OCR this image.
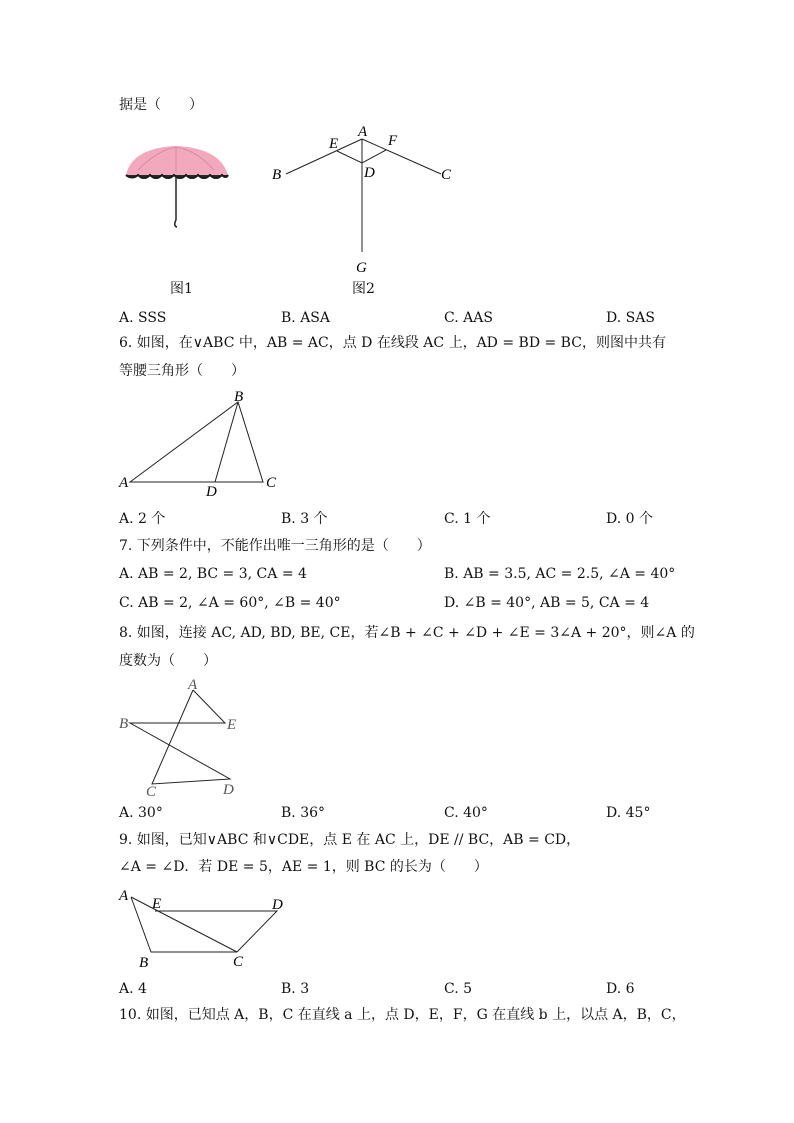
据是（　　）
图1
A
B	C
D
E	F
G
图2
A. SSS	B. ASA	C. AAS	D. SAS
6. 如图，在∨ABC 中，AB = AC，点 D 在线段 AC 上，AD = BD = BC，则图中共有
等腰三角形（　　）
A
B
C
D
A. 2 个	B. 3 个	C. 1 个	D. 0 个
7. 下列条件中，不能作出唯一三角形的是（　　）
A. AB = 2, BC = 3, CA = 4	B. AB = 3.5, AC = 2.5, ∠A = 40°
C. AB = 2, ∠A = 60°, ∠B = 40°	D. ∠B = 40°, AB = 5, CA = 4
8. 如图，连接 AC, AD, BD, BE, CE，若∠B + ∠C + ∠D + ∠E = 3∠A + 20°，则∠A 的
度数为（　　）
A
B
C	D
E
A. 30°	B. 36°	C. 40°	D. 45°
9. 如图，已知∨ABC 和∨CDE，点 E 在 AC 上，DE // BC，AB = CD，
∠A = ∠D．若 DE = 5，AE = 1，则 BC 的长为（　　）
A
B	C
D
E
A. 4	B. 3	C. 5	D. 6
10. 如图，已知点 A，B，C 在直线 a 上，点 D，E，F，G 在直线 b 上，以点 A，B，C，
